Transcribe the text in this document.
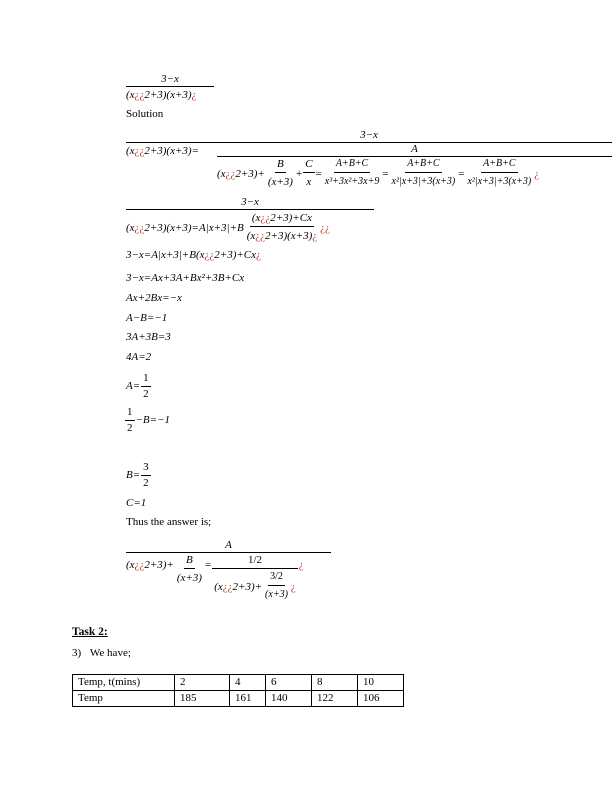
3−x
(x¿¿2+3)(x+3)¿
Solution
3−x
(x¿¿2+3)(x+3)=	A
(x¿¿2+3)+ $\frac{B}{(x+3)} + \frac{C}{x} = \frac{A+B+C}{\text{x³+3x²+3x+9}} = \frac{A+B+C}{\text{x²|x+3|+3(x+3)}} = \frac{A+B+C}{\text{x²|x+3|+3(x+3)}}$ ¿
3−x
(x¿¿2+3)(x+3)=A|x+3|+B $\frac{(x¿¿2+3)+Cx}{(x¿¿2+3)(x+3)¿}$ ¿¿
3−x=A|x+3|+B(x¿¿2+3)+Cx¿
3−x=Ax+3A+Bx²+3B+Cx
Ax+2Bx=−x
A−B=−1
3A+3B=3
4A=2
$A= \frac{1}{2}$
$\frac{1}{2} -B=-1$
$B= \frac{3}{2}$
C=1
Thus the answer is;
A
(x¿¿2+3)+ $\frac{B}{(x+3)} = \frac{1/2}{(x¿¿2+3)+ \frac{3/2}{(x+3)} ¿}$ ¿
Task 2:
3) We have;
Temp, t(mins)	2	4	6	8	10
Temp	185	161	140	122	106
